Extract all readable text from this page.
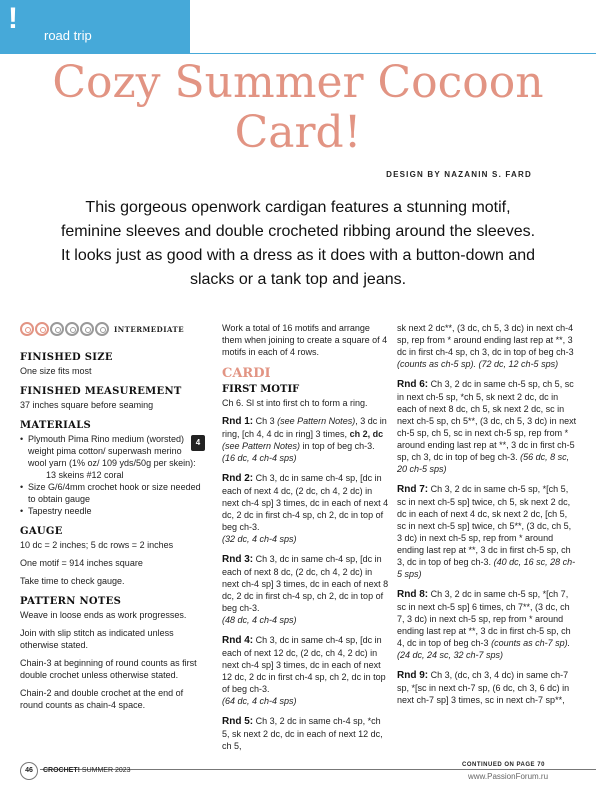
!
road trip
Cozy Summer Cocoon
Card!
DESIGN BY NAZANIN S. FARD
This gorgeous openwork cardigan features a stunning motif, feminine sleeves and double crocheted ribbing around the sleeves. It looks just as good with a dress as it does with a button-down and slacks or a tank top and jeans.
INTERMEDIATE
FINISHED SIZE
One size fits most
FINISHED MEASUREMENT
37 inches square before seaming
MATERIALS
• 4
Plymouth Pima Rino medium (worsted) weight pima cotton/ superwash merino wool yarn (1% oz/ 109 yds/50g per skein):
13 skeins #12 coral
• Size G/6/4mm crochet hook or size needed to obtain gauge
• Tapestry needle
GAUGE
10 dc = 2 inches; 5 dc rows = 2 inches
One motif = 914 inches square
Take time to check gauge.
PATTERN NOTES
Weave in loose ends as work progresses.
Join with slip stitch as indicated unless otherwise stated.
Chain-3 at beginning of round counts as first double crochet unless otherwise stated.
Chain-2 and double crochet at the end of round counts as chain-4 space.
Work a total of 16 motifs and arrange them when joining to create a square of 4 motifs in each of 4 rows.
CARDI
FIRST MOTIF
Ch 6. Sl st into first ch to form a ring.
Rnd 1: Ch 3 (see Pattern Notes), 3 dc in ring, [ch 4, 4 dc in ring] 3 times, ch 2, dc (see Pattern Notes) in top of beg ch-3.
(16 dc, 4 ch-4 sps)
Rnd 2: Ch 3, dc in same ch-4 sp, [dc in each of next 4 dc, (2 dc, ch 4, 2 dc) in next ch-4 sp] 3 times, dc in each of next 4 dc, 2 dc in first ch-4 sp, ch 2, dc in top of beg ch-3.
(32 dc, 4 ch-4 sps)
Rnd 3: Ch 3, dc in same ch-4 sp, [dc in each of next 8 dc, (2 dc, ch 4, 2 dc) in next ch-4 sp] 3 times, dc in each of next 8 dc, 2 dc in first ch-4 sp, ch 2, dc in top of beg ch-3.
(48 dc, 4 ch-4 sps)
Rnd 4: Ch 3, dc in same ch-4 sp, [dc in each of next 12 dc, (2 dc, ch 4, 2 dc) in next ch-4 sp] 3 times, dc in each of next 12 dc, 2 dc in first ch-4 sp, ch 2, dc in top of beg ch-3.
(64 dc, 4 ch-4 sps)
Rnd 5: Ch 3, 2 dc in same ch-4 sp, *ch 5, sk next 2 dc, dc in each of next 12 dc, ch 5,
sk next 2 dc**, (3 dc, ch 5, 3 dc) in next ch-4 sp, rep from * around ending last rep at **, 3 dc in first ch-4 sp, ch 3, dc in top of beg ch-3 (counts as ch-5 sp). (72 dc, 12 ch-5 sps)
Rnd 6: Ch 3, 2 dc in same ch-5 sp, ch 5, sc in next ch-5 sp, *ch 5, sk next 2 dc, dc in each of next 8 dc, ch 5, sk next 2 dc, sc in next ch-5 sp, ch 5**, (3 dc, ch 5, 3 dc) in next ch-5 sp, ch 5, sc in next ch-5 sp, rep from * around ending last rep at **, 3 dc in first ch-5 sp, ch 3, dc in top of beg ch-3. (56 dc, 8 sc, 20 ch-5 sps)
Rnd 7: Ch 3, 2 dc in same ch-5 sp, *[ch 5, sc in next ch-5 sp] twice, ch 5, sk next 2 dc, dc in each of next 4 dc, sk next 2 dc, [ch 5, sc in next ch-5 sp] twice, ch 5**, (3 dc, ch 5, 3 dc) in next ch-5 sp, rep from * around ending last rep at **, 3 dc in first ch-5 sp, ch 3, dc in top of beg ch-3. (40 dc, 16 sc, 28 ch-5 sps)
Rnd 8: Ch 3, 2 dc in same ch-5 sp, *[ch 7, sc in next ch-5 sp] 6 times, ch 7**, (3 dc, ch 7, 3 dc) in next ch-5 sp, rep from * around ending last rep at **, 3 dc in first ch-5 sp, ch 4, dc in top of beg ch-3 (counts as ch-7 sp). (24 dc, 24 sc, 32 ch-7 sps)
Rnd 9: Ch 3, (dc, ch 3, 4 dc) in same ch-7 sp, *[sc in next ch-7 sp, (6 dc, ch 3, 6 dc) in next ch-7 sp] 3 times, sc in next ch-7 sp**,
CONTINUED ON PAGE 70
46	CROCHET! SUMMER 2023
www.PassionForum.ru
